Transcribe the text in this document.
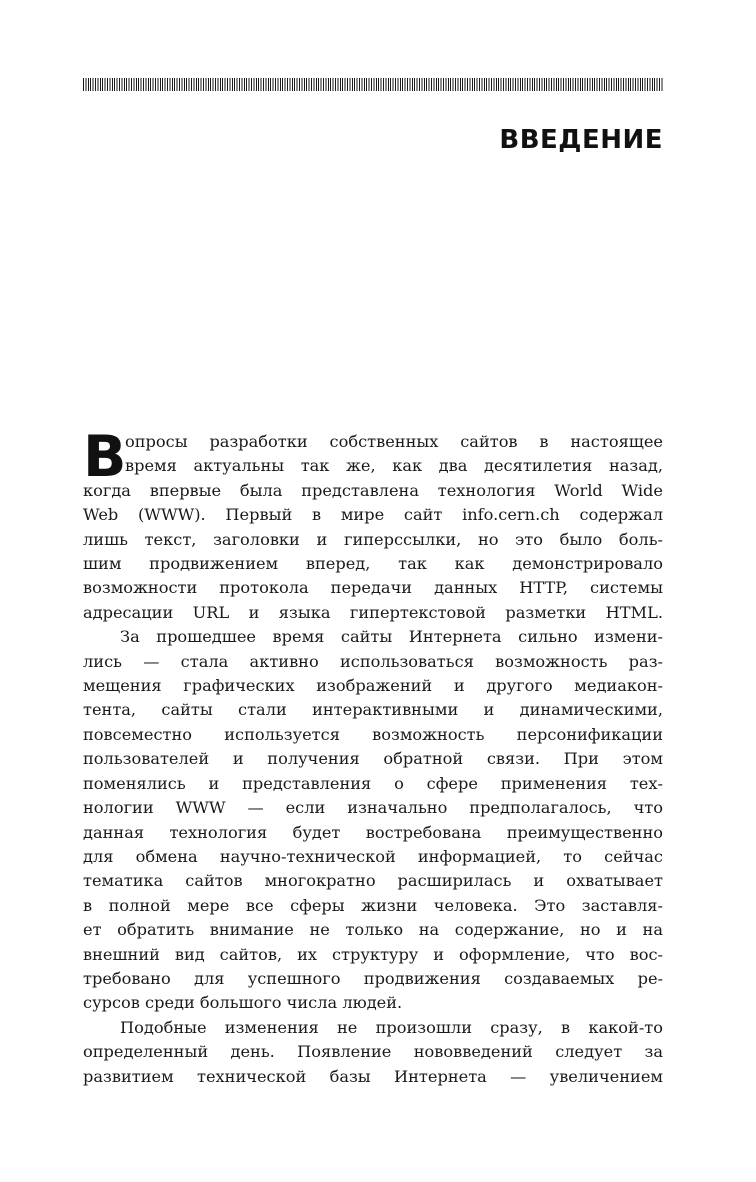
ВВЕДЕНИЕ
В
опросы разработки собственных сайтов в настоящее
время актуальны так же, как два десятилетия назад,
когда впервые была представлена технология World Wide
Web (WWW). Первый в мире сайт info.cern.ch содержал
лишь текст, заголовки и гиперссылки, но это было боль-
шим продвижением вперед, так как демонстрировало
возможности протокола передачи данных HTTP, системы
адресации URL и языка гипертекстовой разметки HTML.
За прошедшее время сайты Интернета сильно измени-
лись — стала активно использоваться возможность раз-
мещения графических изображений и другого медиакон-
тента, сайты стали интерактивными и динамическими,
повсеместно используется возможность персонификации
пользователей и получения обратной связи. При этом
поменялись и представления о сфере применения тех-
нологии WWW — если изначально предполагалось, что
данная технология будет востребована преимущественно
для обмена научно-технической информацией, то сейчас
тематика сайтов многократно расширилась и охватывает
в полной мере все сферы жизни человека. Это заставля-
ет обратить внимание не только на содержание, но и на
внешний вид сайтов, их структуру и оформление, что вос-
требовано для успешного продвижения создаваемых ре-
сурсов среди большого числа людей.
Подобные изменения не произошли сразу, в какой-то
определенный день. Появление нововведений следует за
развитием технической базы Интернета — увеличением
